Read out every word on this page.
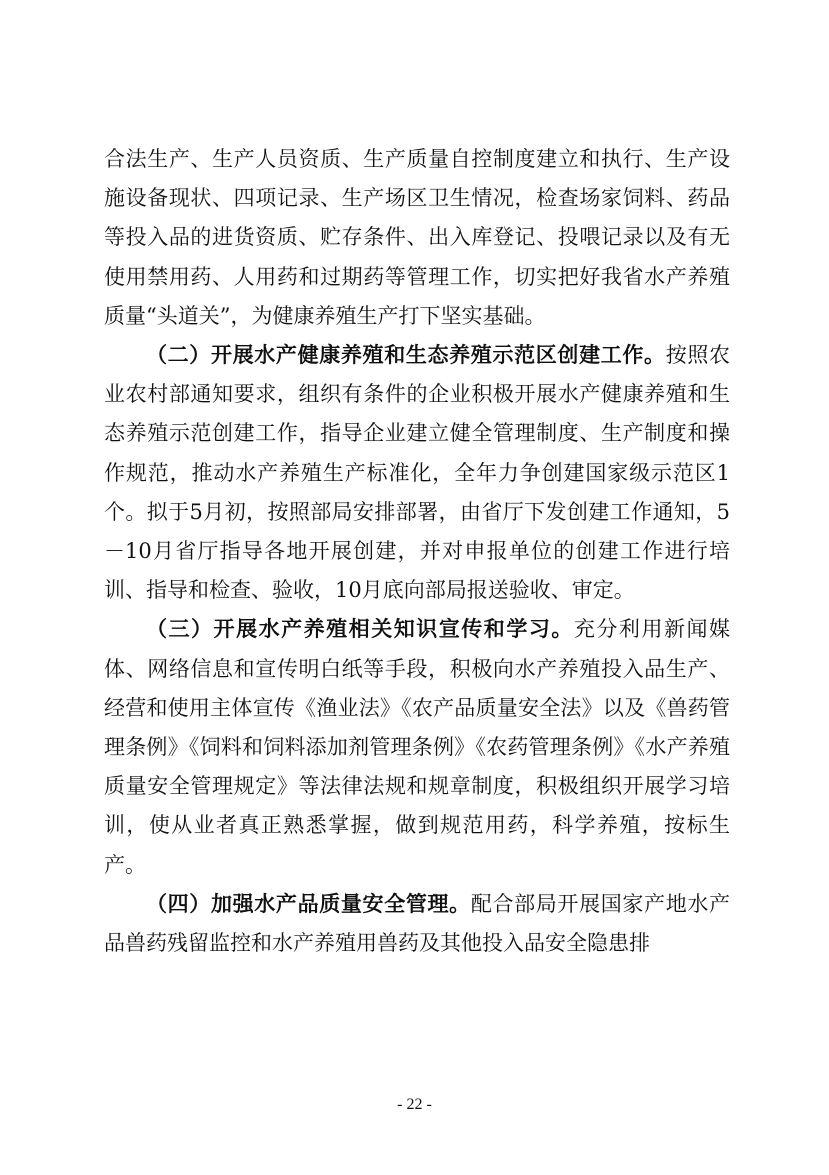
合法生产、生产人员资质、生产质量自控制度建立和执行、生产设施设备现状、四项记录、生产场区卫生情况，检查场家饲料、药品等投入品的进货资质、贮存条件、出入库登记、投喂记录以及有无使用禁用药、人用药和过期药等管理工作，切实把好我省水产养殖质量“头道关”，为健康养殖生产打下坚实基础。

（二）开展水产健康养殖和生态养殖示范区创建工作。按照农业农村部通知要求，组织有条件的企业积极开展水产健康养殖和生态养殖示范创建工作，指导企业建立健全管理制度、生产制度和操作规范，推动水产养殖生产标准化，全年力争创建国家级示范区1个。拟于5月初，按照部局安排部署，由省厅下发创建工作通知，5－10月省厅指导各地开展创建，并对申报单位的创建工作进行培训、指导和检查、验收，10月底向部局报送验收、审定。

（三）开展水产养殖相关知识宣传和学习。充分利用新闻媒体、网络信息和宣传明白纸等手段，积极向水产养殖投入品生产、经营和使用主体宣传《渔业法》《农产品质量安全法》以及《兽药管理条例》《饲料和饲料添加剂管理条例》《农药管理条例》《水产养殖质量安全管理规定》等法律法规和规章制度，积极组织开展学习培训，使从业者真正熟悉掌握，做到规范用药，科学养殖，按标生产。

（四）加强水产品质量安全管理。配合部局开展国家产地水产品兽药残留监控和水产养殖用兽药及其他投入品安全隐患排

- 22 -
